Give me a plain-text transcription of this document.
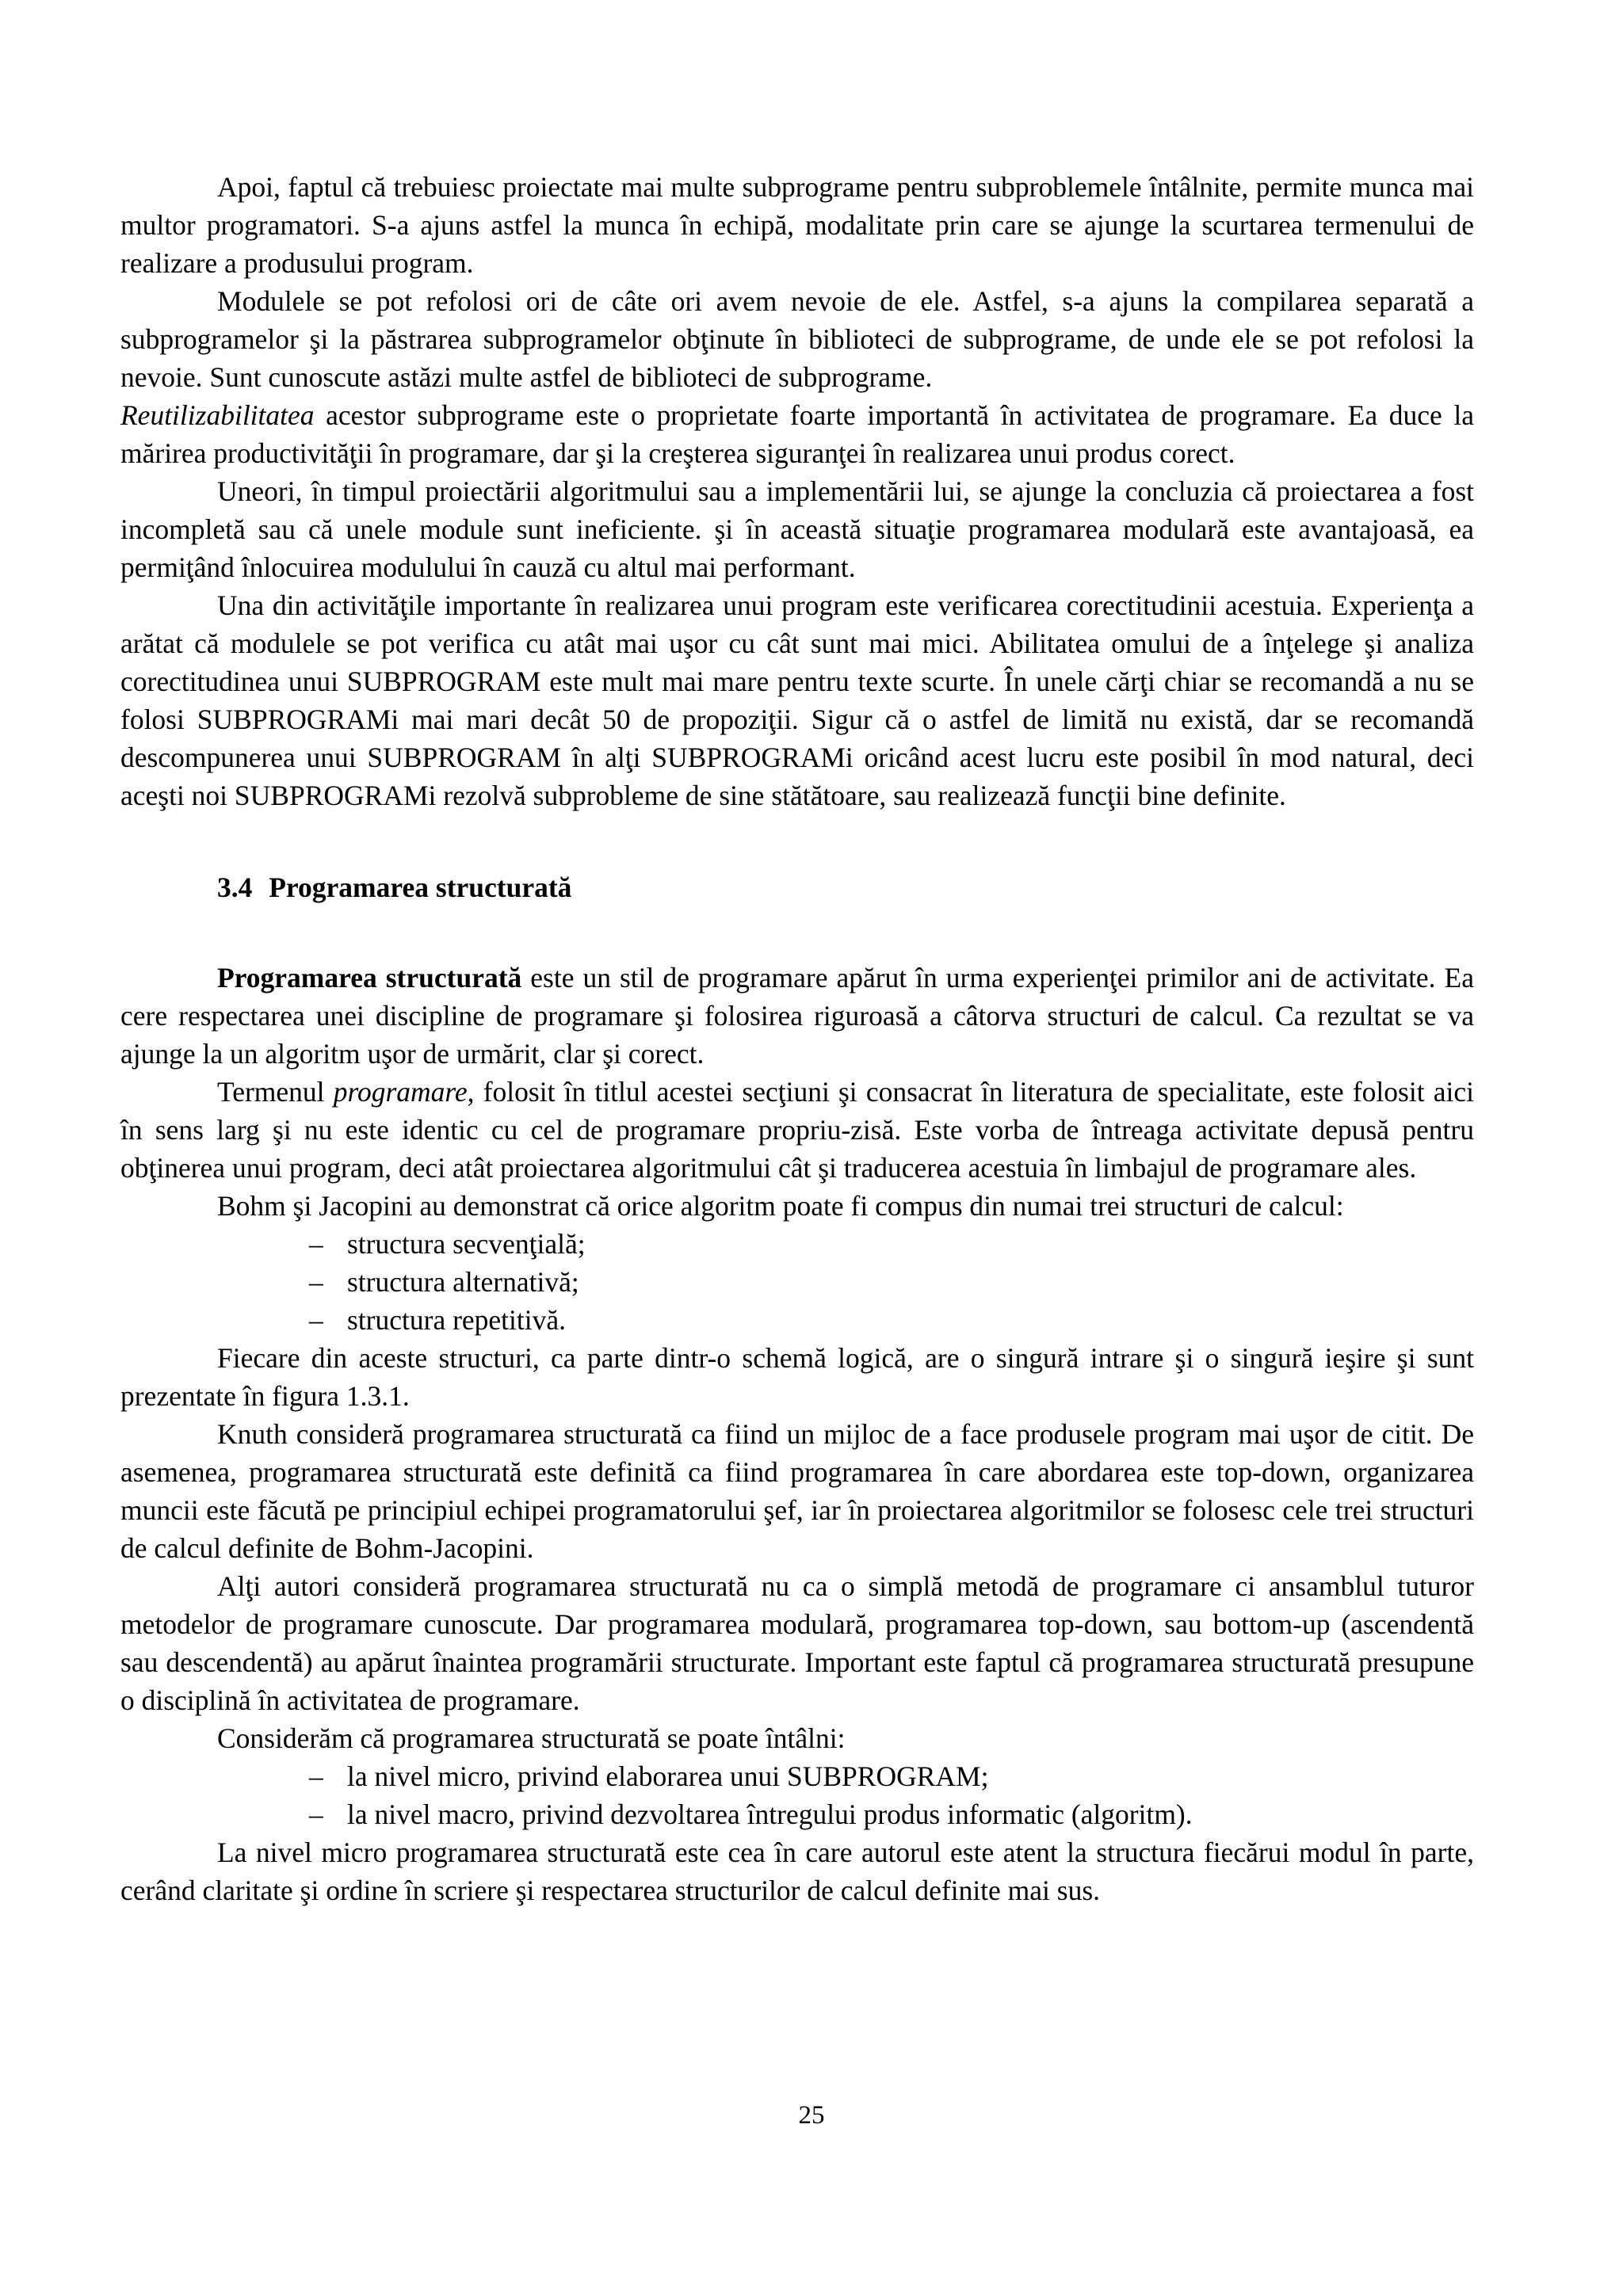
Apoi, faptul că trebuiesc proiectate mai multe subprograme pentru subproblemele întâlnite, permite munca mai multor programatori. S-a ajuns astfel la munca în echipă, modalitate prin care se ajunge la scurtarea termenului de realizare a produsului program.

Modulele se pot refolosi ori de câte ori avem nevoie de ele. Astfel, s-a ajuns la compilarea separată a subprogramelor şi la păstrarea subprogramelor obţinute în biblioteci de subprograme, de unde ele se pot refolosi la nevoie. Sunt cunoscute astăzi multe astfel de biblioteci de subprograme.

Reutilizabilitatea acestor subprograme este o proprietate foarte importantă în activitatea de programare. Ea duce la mărirea productivităţii în programare, dar şi la creşterea siguranţei în realizarea unui produs corect.

Uneori, în timpul proiectării algoritmului sau a implementării lui, se ajunge la concluzia că proiectarea a fost incompletă sau că unele module sunt ineficiente. şi în această situaţie programarea modulară este avantajoasă, ea permiţând înlocuirea modulului în cauză cu altul mai performant.

Una din activităţile importante în realizarea unui program este verificarea corectitudinii acestuia. Experienţa a arătat că modulele se pot verifica cu atât mai uşor cu cât sunt mai mici. Abilitatea omului de a înţelege şi analiza corectitudinea unui SUBPROGRAM este mult mai mare pentru texte scurte. În unele cărţi chiar se recomandă a nu se folosi SUBPROGRAMi mai mari decât 50 de propoziţii. Sigur că o astfel de limită nu există, dar se recomandă descompunerea unui SUBPROGRAM în alţi SUBPROGRAMi oricând acest lucru este posibil în mod natural, deci aceşti noi SUBPROGRAMi rezolvă subprobleme de sine stătătoare, sau realizează funcţii bine definite.

3.4 Programarea structurată

Programarea structurată este un stil de programare apărut în urma experienţei primilor ani de activitate. Ea cere respectarea unei discipline de programare şi folosirea riguroasă a câtorva structuri de calcul. Ca rezultat se va ajunge la un algoritm uşor de urmărit, clar şi corect.

Termenul programare, folosit în titlul acestei secţiuni şi consacrat în literatura de specialitate, este folosit aici în sens larg şi nu este identic cu cel de programare propriu-zisă. Este vorba de întreaga activitate depusă pentru obţinerea unui program, deci atât proiectarea algoritmului cât şi traducerea acestuia în limbajul de programare ales.

Bohm şi Jacopini au demonstrat că orice algoritm poate fi compus din numai trei structuri de calcul:

– structura secvenţială;
– structura alternativă;
– structura repetitivă.

Fiecare din aceste structuri, ca parte dintr-o schemă logică, are o singură intrare şi o singură ieşire şi sunt prezentate în figura 1.3.1.

Knuth consideră programarea structurată ca fiind un mijloc de a face produsele program mai uşor de citit. De asemenea, programarea structurată este definită ca fiind programarea în care abordarea este top-down, organizarea muncii este făcută pe principiul echipei programatorului şef, iar în proiectarea algoritmilor se folosesc cele trei structuri de calcul definite de Bohm-Jacopini.

Alţi autori consideră programarea structurată nu ca o simplă metodă de programare ci ansamblul tuturor metodelor de programare cunoscute. Dar programarea modulară, programarea top-down, sau bottom-up (ascendentă sau descendentă) au apărut înaintea programării structurate. Important este faptul că programarea structurată presupune o disciplină în activitatea de programare.

Considerăm că programarea structurată se poate întâlni:

– la nivel micro, privind elaborarea unui SUBPROGRAM;
– la nivel macro, privind dezvoltarea întregului produs informatic (algoritm).

La nivel micro programarea structurată este cea în care autorul este atent la structura fiecărui modul în parte, cerând claritate şi ordine în scriere şi respectarea structurilor de calcul definite mai sus.

25
